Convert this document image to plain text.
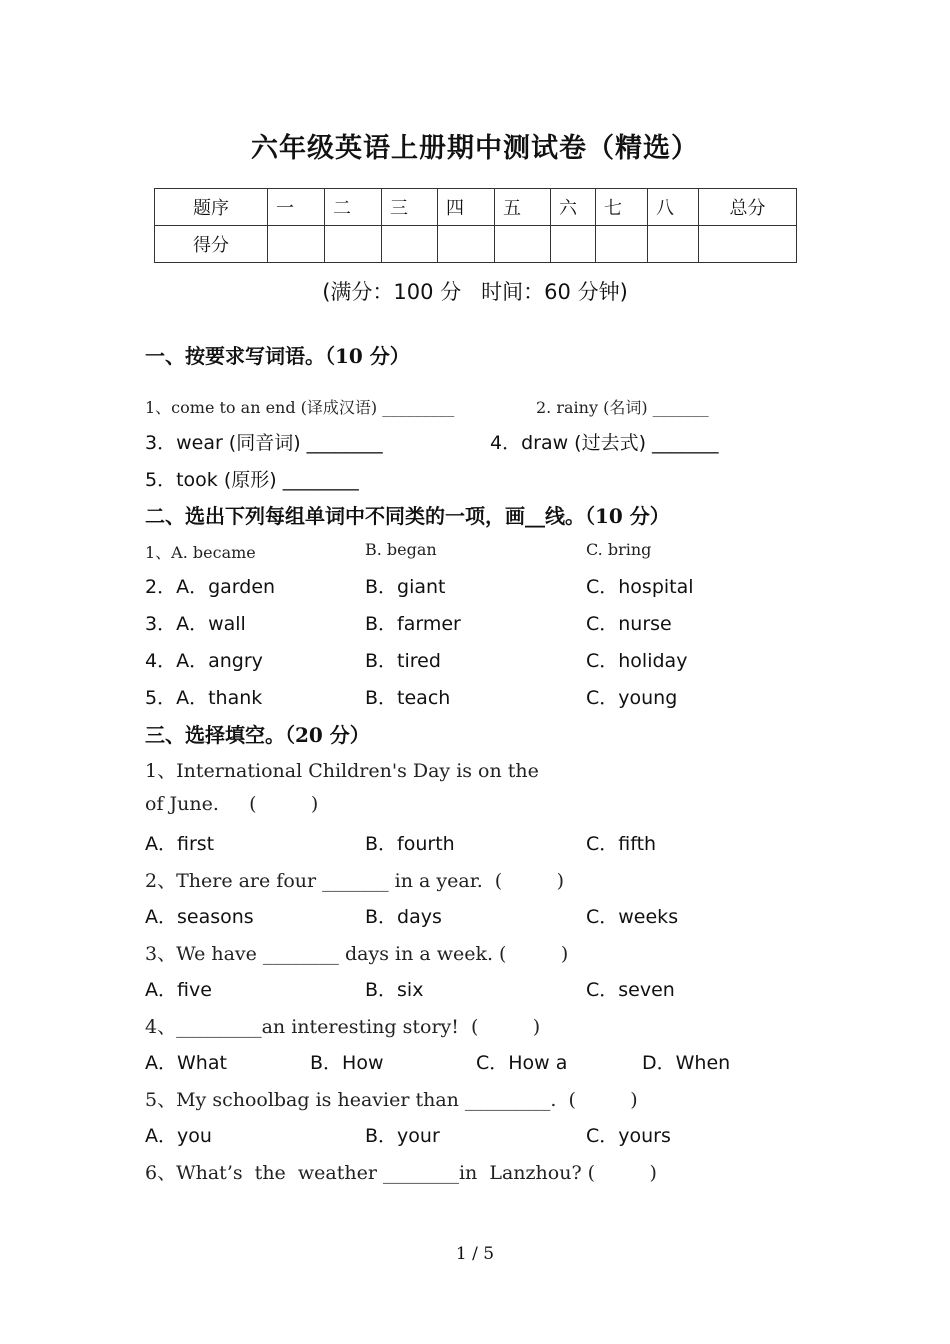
六年级英语上册期中测试卷（精选）
题序	一	二	三	四	五	六	七	八	总分
得分									
(满分：100 分   时间：60 分钟)
一、按要求写词语。（10 分）
1、come to an end (译成汉语) _________	2. rainy (名词) _______
3．wear (同音词) ________	4．draw (过去式) _______
5．took (原形) ________
二、选出下列每组单词中不同类的一项，画__线。（10 分）
1、A. became	B. began	C. bring
2．A．garden	B．giant	C．hospital
3．A．wall	B．farmer	C．nurse
4．A．angry	B．tired	C．holiday
5．A．thank	B．teach	C．young
三、选择填空。（20 分）
1、International Children's Day is on the
of June.     (         )
A．first	B．fourth	C．fifth
2、There are four _______ in a year.  (         )
A．seasons	B．days	C．weeks
3、We have ________ days in a week. (         )
A．five	B．six	C．seven
4、_________an interesting story!  (         )
A．What	B．How	C．How a	D．When
5、My schoolbag is heavier than _________.  (         )
A．you	B．your	C．yours
6、What’s  the  weather ________in  Lanzhou? (         )
1 / 5
